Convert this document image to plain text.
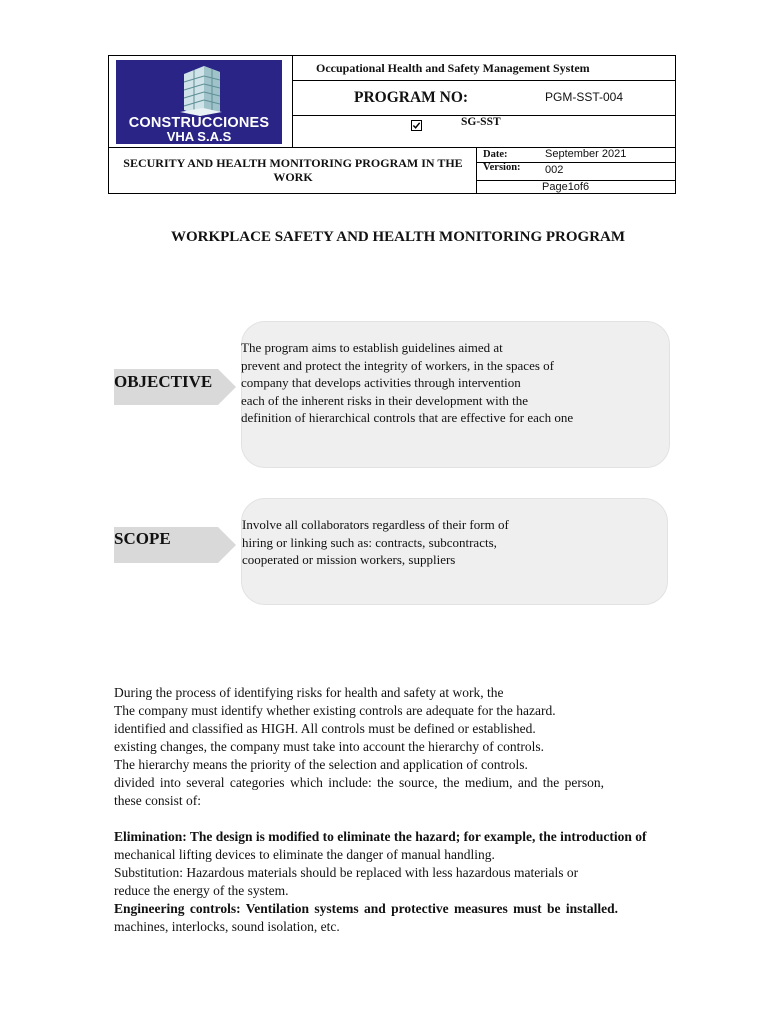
CONSTRUCCIONES
VHA S.A.S
Occupational Health and Safety Management System
PROGRAM NO:	PGM-SST-004
SG-SST
SECURITY AND HEALTH MONITORING PROGRAM IN THE WORK
Date:	September 2021
Version: 002
Page1of6
WORKPLACE SAFETY AND HEALTH MONITORING PROGRAM
OBJECTIVE
The program aims to establish guidelines aimed at
prevent and protect the integrity of workers, in the spaces of
company that develops activities through intervention
each of the inherent risks in their development with the
definition of hierarchical controls that are effective for each one
SCOPE
Involve all collaborators regardless of their form of
hiring or linking such as: contracts, subcontracts,
cooperated or mission workers, suppliers
During the process of identifying risks for health and safety at work, the
The company must identify whether existing controls are adequate for the hazard.
identified and classified as HIGH. All controls must be defined or established.
existing changes, the company must take into account the hierarchy of controls.
The hierarchy means the priority of the selection and application of controls.
divided into several categories which include: the source, the medium, and the person,
these consist of:
Elimination: The design is modified to eliminate the hazard; for example, the introduction of
mechanical lifting devices to eliminate the danger of manual handling.
Substitution: Hazardous materials should be replaced with less hazardous materials or
reduce the energy of the system.
Engineering controls: Ventilation systems and protective measures must be installed.
machines, interlocks, sound isolation, etc.
